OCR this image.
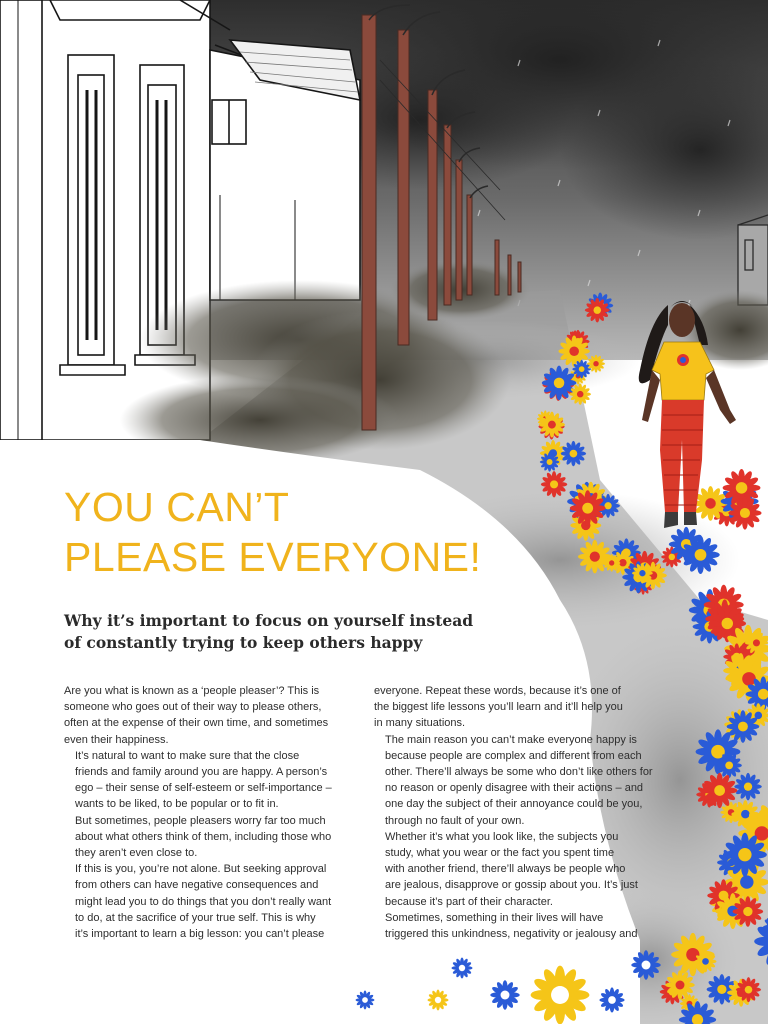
YOU CAN’T
PLEASE EVERYONE!
Why it’s important to focus on yourself instead
of constantly trying to keep others happy

Are you what is known as a ‘people pleaser’? This is
someone who goes out of their way to please others,
often at the expense of their own time, and sometimes
even their happiness.

It’s natural to want to make sure that the close
friends and family around you are happy. A person’s
ego – their sense of self-esteem or self-importance –
wants to be liked, to be popular or to fit in.

But sometimes, people pleasers worry far too much
about what others think of them, including those who
they aren’t even close to.

If this is you, you’re not alone. But seeking approval
from others can have negative consequences and
might lead you to do things that you don’t really want
to do, at the sacrifice of your true self. This is why
it’s important to learn a big lesson: you can’t please

everyone. Repeat these words, because it’s one of
the biggest life lessons you’ll learn and it’ll help you
in many situations.

The main reason you can’t make everyone happy is
because people are complex and different from each
other. There’ll always be some who don’t like others for
no reason or openly disagree with their actions – and
one day the subject of their annoyance could be you,
through no fault of your own.

Whether it’s what you look like, the subjects you
study, what you wear or the fact you spent time
with another friend, there’ll always be people who
are jealous, disapprove or gossip about you. It’s just
because it’s part of their character.

Sometimes, something in their lives will have
triggered this unkindness, negativity or jealousy and
